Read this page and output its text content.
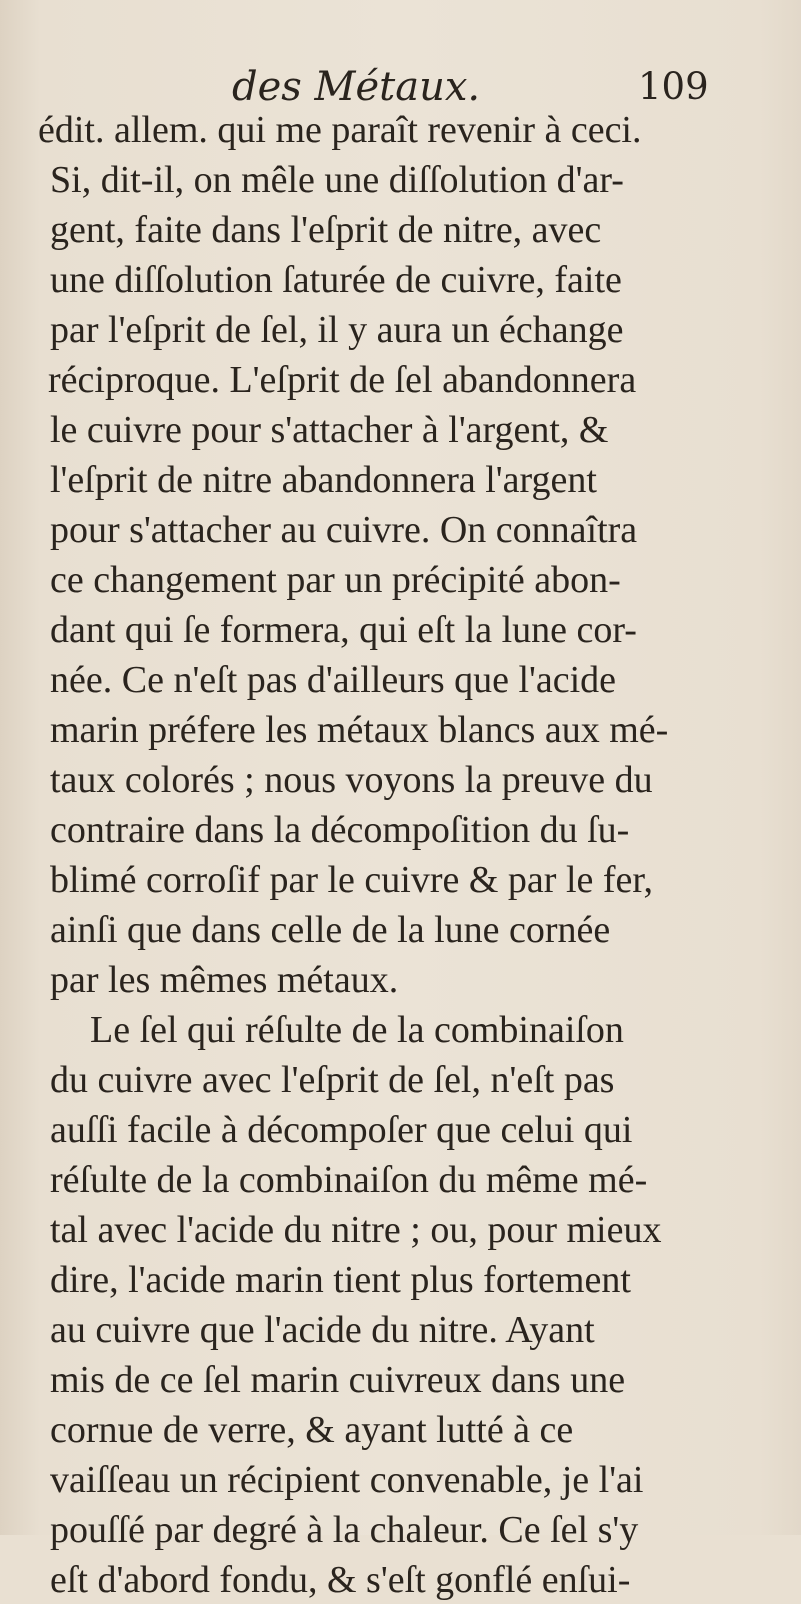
des Métaux.	109
édit. allem. qui me paraît revenir à ceci.
Si, dit-il, on mêle une diſſolution d'ar-
gent, faite dans l'eſprit de nitre, avec
une diſſolution ſaturée de cuivre, faite
par l'eſprit de ſel, il y aura un échange
réciproque. L'eſprit de ſel abandonnera
le cuivre pour s'attacher à l'argent, &
l'eſprit de nitre abandonnera l'argent
pour s'attacher au cuivre. On connaîtra
ce changement par un précipité abon-
dant qui ſe formera, qui eſt la lune cor-
née. Ce n'eſt pas d'ailleurs que l'acide
marin préfere les métaux blancs aux mé-
taux colorés ; nous voyons la preuve du
contraire dans la décompoſition du ſu-
blimé corroſif par le cuivre & par le fer,
ainſi que dans celle de la lune cornée
par les mêmes métaux.
Le ſel qui réſulte de la combinaiſon
du cuivre avec l'eſprit de ſel, n'eſt pas
auſſi facile à décompoſer que celui qui
réſulte de la combinaiſon du même mé-
tal avec l'acide du nitre ; ou, pour mieux
dire, l'acide marin tient plus fortement
au cuivre que l'acide du nitre. Ayant
mis de ce ſel marin cuivreux dans une
cornue de verre, & ayant lutté à ce
vaiſſeau un récipient convenable, je l'ai
pouſſé par degré à la chaleur. Ce ſel s'y
eſt d'abord fondu, & s'eſt gonflé enſui-
